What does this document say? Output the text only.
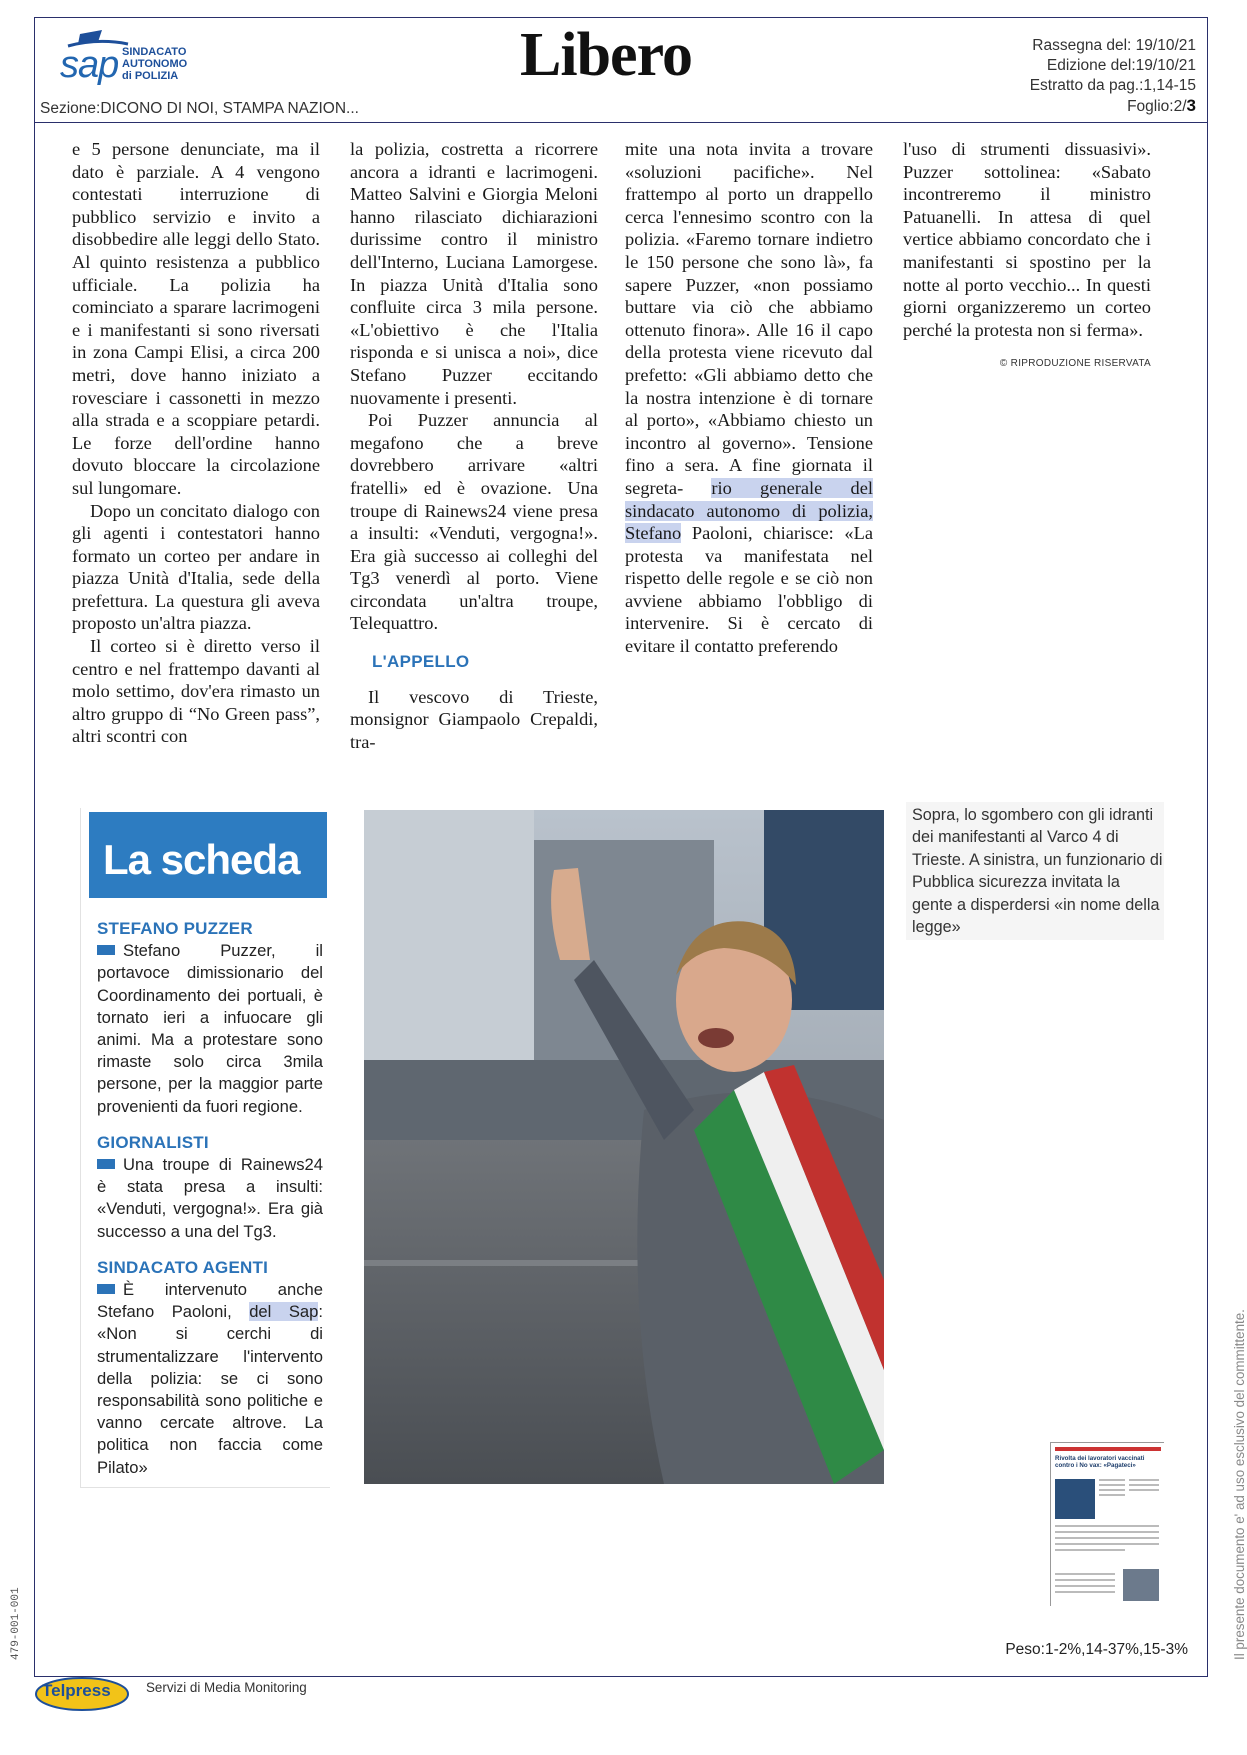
sap SINDACATO
AUTONOMO
di POLIZIA	Libero	Rassegna del: 19/10/21
Edizione del:19/10/21
Estratto da pag.:1,14-15
Foglio:2/3
Sezione:DICONO DI NOI, STAMPA NAZION...

e 5 persone denunciate, ma il dato è parziale. A 4 vengono contestati interruzione di pubblico servizio e invito a disobbedire alle leggi dello Stato. Al quinto resistenza a pubblico ufficiale. La polizia ha cominciato a sparare lacrimogeni e i manifestanti si sono riversati in zona Campi Elisi, a circa 200 metri, dove hanno iniziato a rovesciare i cassonetti in mezzo alla strada e a scoppiare petardi. Le forze dell'ordine hanno dovuto bloccare la circolazione sul lungomare.

Dopo un concitato dialogo con gli agenti i contestatori hanno formato un corteo per andare in piazza Unità d'Italia, sede della prefettura. La questura gli aveva proposto un'altra piazza.

Il corteo si è diretto verso il centro e nel frattempo davanti al molo settimo, dov'era rimasto un altro gruppo di “No Green pass”, altri scontri con

la polizia, costretta a ricorrere ancora a idranti e lacrimogeni. Matteo Salvini e Giorgia Meloni hanno rilasciato dichiarazioni durissime contro il ministro dell'Interno, Luciana Lamorgese. In piazza Unità d'Italia sono confluite circa 3 mila persone. «L'obiettivo è che l'Italia risponda e si unisca a noi», dice Stefano Puzzer eccitando nuovamente i presenti.

Poi Puzzer annuncia al megafono che a breve dovrebbero arrivare «altri fratelli» ed è ovazione. Una troupe di Rainews24 viene presa a insulti: «Venduti, vergogna!». Era già successo ai colleghi del Tg3 venerdì al porto. Viene circondata un'altra troupe, Telequattro.

L'APPELLO

Il vescovo di Trieste, monsignor Giampaolo Crepaldi, tra-

mite una nota invita a trovare «soluzioni pacifiche». Nel frattempo al porto un drappello cerca l'ennesimo scontro con la polizia. «Faremo tornare indietro le 150 persone che sono là», fa sapere Puzzer, «non possiamo buttare via ciò che abbiamo ottenuto finora». Alle 16 il capo della protesta viene ricevuto dal prefetto: «Gli abbiamo detto che la nostra intenzione è di tornare al porto», «Abbiamo chiesto un incontro al governo». Tensione fino a sera. A fine giornata il segreta- rio generale del sindacato autonomo di polizia, Stefano Paoloni, chiarisce: «La protesta va manifestata nel rispetto delle regole e se ciò non avviene abbiamo l'obbligo di intervenire. Si è cercato di evitare il contatto preferendo

l'uso di strumenti dissuasivi». Puzzer sottolinea: «Sabato incontreremo il ministro Patuanelli. In attesa di quel vertice abbiamo concordato che i manifestanti si spostino per la notte al porto vecchio... In questi giorni organizzeremo un corteo perché la protesta non si ferma».

© RIPRODUZIONE RISERVATA
La scheda
STEFANO PUZZER
Stefano Puzzer, il portavoce dimissionario del Coordinamento dei portuali, è tornato ieri a infuocare gli animi. Ma a protestare sono rimaste solo circa 3mila persone, per la maggior parte provenienti da fuori regione.
GIORNALISTI
Una troupe di Rainews24 è stata presa a insulti: «Venduti, vergogna!». Era già successo a una del Tg3.
SINDACATO AGENTI
È intervenuto anche Stefano Paoloni, del Sap: «Non si cerchi di strumentalizzare l'intervento della polizia: se ci sono responsabilità sono politiche e vanno cercate altrove. La politica non faccia come Pilato»
Sopra, lo sgombero con gli idranti dei manifestanti al Varco 4 di Trieste. A sinistra, un funzionario di Pubblica sicurezza invitata la gente a disperdersi «in nome della legge»
Rivolta dei lavoratori vaccinati contro i No vax: «Pagateci»
Peso:1-2%,14-37%,15-3%	Il presente documento e' ad uso esclusivo del committente.
479-001-001
Telpress	Servizi di Media Monitoring
